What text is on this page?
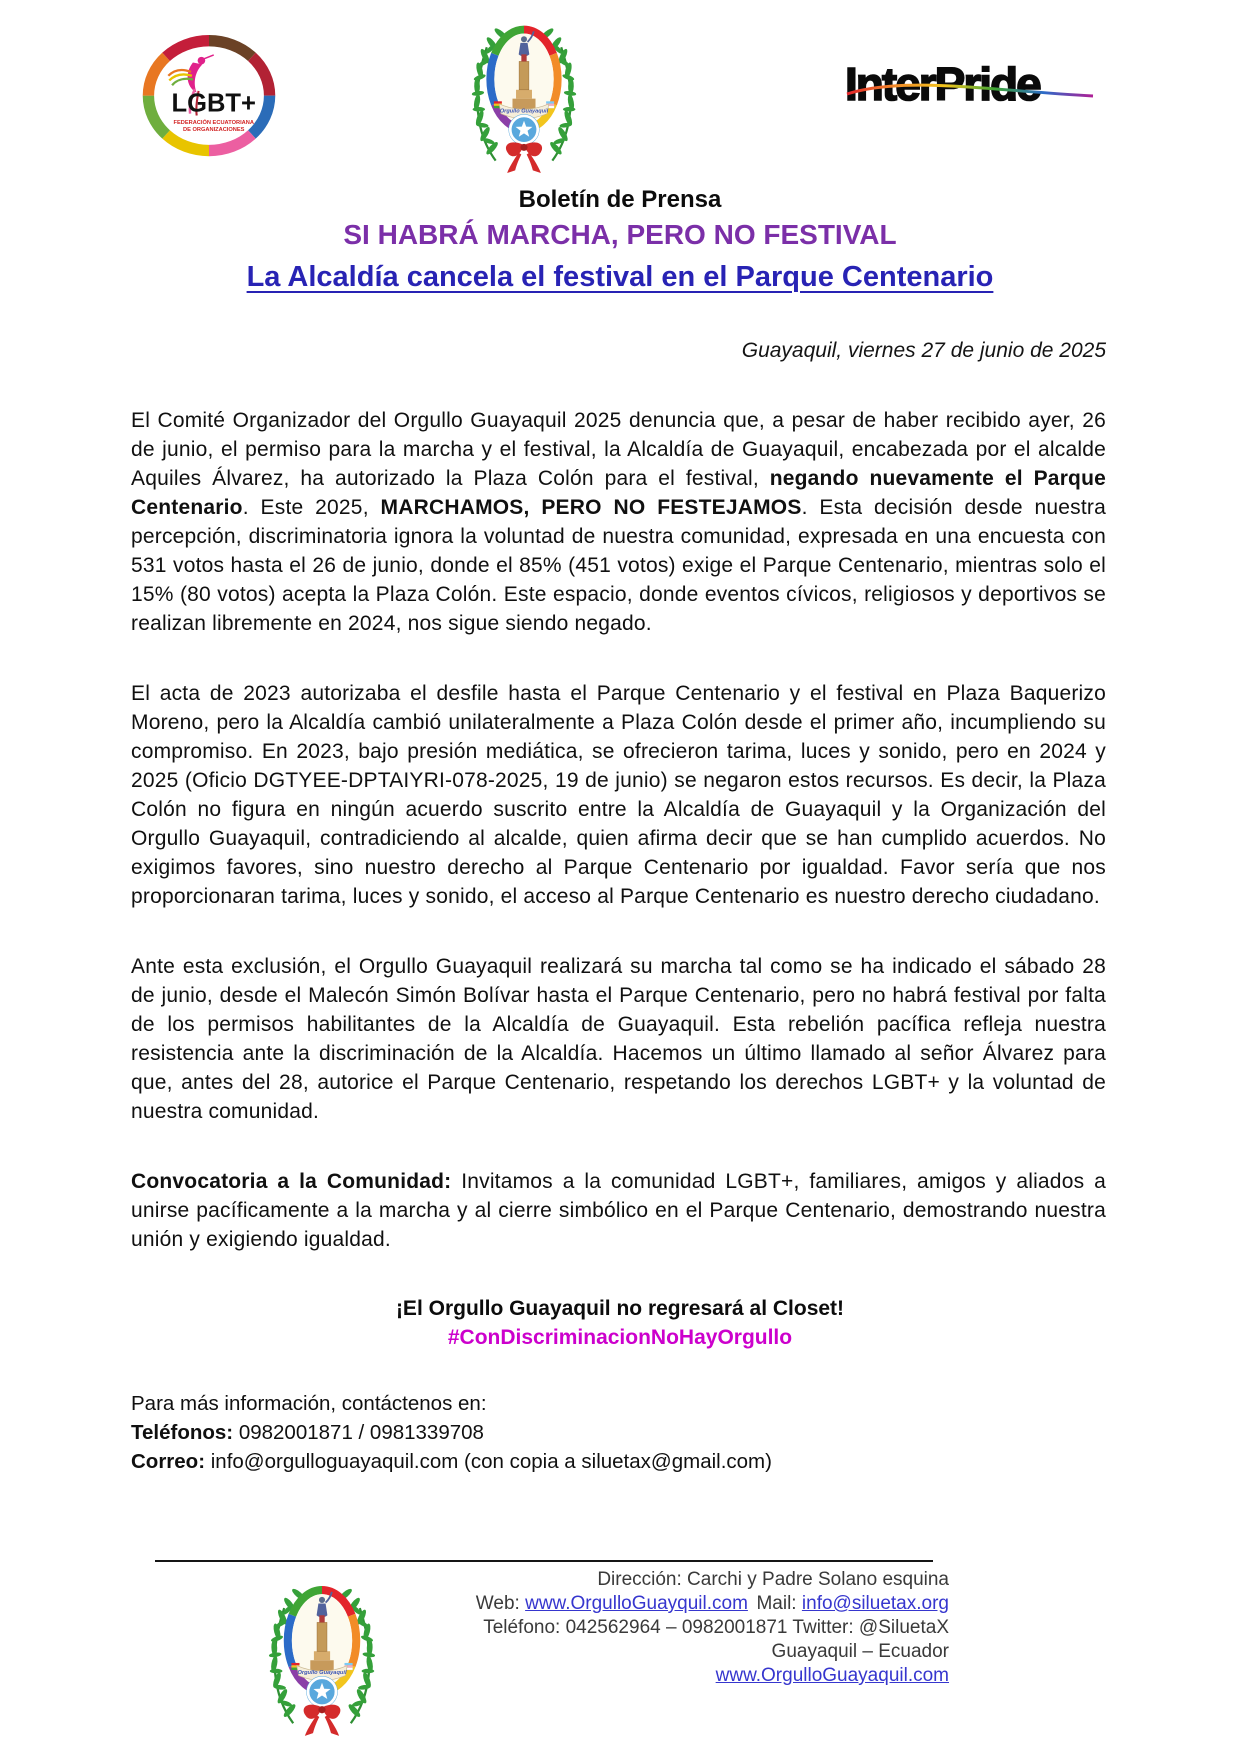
LGBT+
FEDERACIÓN ECUATORIANA
DE ORGANIZACIONES
InterPride
Boletín de Prensa
SI HABRÁ MARCHA, PERO NO FESTIVAL
La Alcaldía cancela el festival en el Parque Centenario
Guayaquil, viernes 27 de junio de 2025

El Comité Organizador del Orgullo Guayaquil 2025 denuncia que, a pesar de haber recibido ayer, 26 de junio, el permiso para la marcha y el festival, la Alcaldía de Guayaquil, encabezada por el alcalde Aquiles Álvarez, ha autorizado la Plaza Colón para el festival, negando nuevamente el Parque Centenario. Este 2025, MARCHAMOS, PERO NO FESTEJAMOS. Esta decisión desde nuestra percepción, discriminatoria ignora la voluntad de nuestra comunidad, expresada en una encuesta con 531 votos hasta el 26 de junio, donde el 85% (451 votos) exige el Parque Centenario, mientras solo el 15% (80 votos) acepta la Plaza Colón. Este espacio, donde eventos cívicos, religiosos y deportivos se realizan libremente en 2024, nos sigue siendo negado.

El acta de 2023 autorizaba el desfile hasta el Parque Centenario y el festival en Plaza Baquerizo Moreno, pero la Alcaldía cambió unilateralmente a Plaza Colón desde el primer año, incumpliendo su compromiso. En 2023, bajo presión mediática, se ofrecieron tarima, luces y sonido, pero en 2024 y 2025 (Oficio DGTYEE-DPTAIYRI-078-2025, 19 de junio) se negaron estos recursos. Es decir, la Plaza Colón no figura en ningún acuerdo suscrito entre la Alcaldía de Guayaquil y la Organización del Orgullo Guayaquil, contradiciendo al alcalde, quien afirma decir que se han cumplido acuerdos. No exigimos favores, sino nuestro derecho al Parque Centenario por igualdad. Favor sería que nos proporcionaran tarima, luces y sonido, el acceso al Parque Centenario es nuestro derecho ciudadano.

Ante esta exclusión, el Orgullo Guayaquil realizará su marcha tal como se ha indicado el sábado 28 de junio, desde el Malecón Simón Bolívar hasta el Parque Centenario, pero no habrá festival por falta de los permisos habilitantes de la Alcaldía de Guayaquil. Esta rebelión pacífica refleja nuestra resistencia ante la discriminación de la Alcaldía. Hacemos un último llamado al señor Álvarez para que, antes del 28, autorice el Parque Centenario, respetando los derechos LGBT+ y la voluntad de nuestra comunidad.

Convocatoria a la Comunidad: Invitamos a la comunidad LGBT+, familiares, amigos y aliados a unirse pacíficamente a la marcha y al cierre simbólico en el Parque Centenario, demostrando nuestra unión y exigiendo igualdad.

¡El Orgullo Guayaquil no regresará al Closet!
#ConDiscriminacionNoHayOrgullo
Para más información, contáctenos en:
Teléfonos: 0982001871 / 0981339708
Correo: info@orgulloguayaquil.com (con copia a siluetax@gmail.com)
Dirección: Carchi y Padre Solano esquina
Web: www.OrgulloGuayquil.com Mail: info@siluetax.org
Teléfono: 042562964 – 0982001871 Twitter: @SiluetaX
Guayaquil – Ecuador
www.OrgulloGuayaquil.com
